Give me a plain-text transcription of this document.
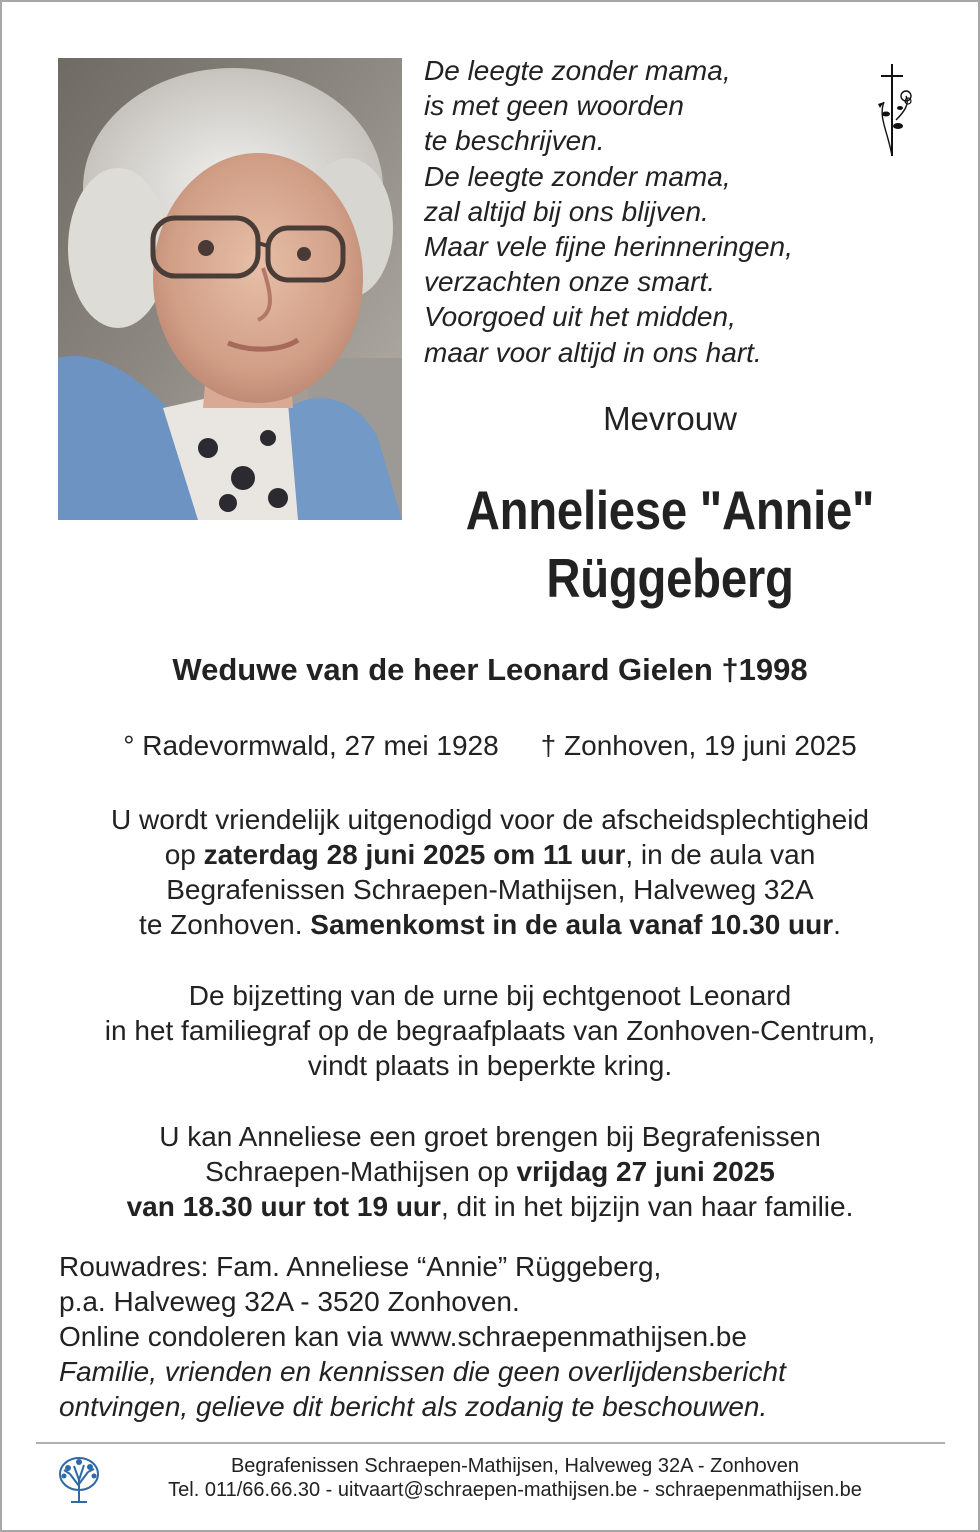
De leegte zonder mama,
is met geen woorden
te beschrijven.
De leegte zonder mama,
zal altijd bij ons blijven.
Maar vele fijne herinneringen,
verzachten onze smart.
Voorgoed uit het midden,
maar voor altijd in ons hart.
Mevrouw
Anneliese "Annie"
Rüggeberg
Weduwe van de heer Leonard Gielen †1998
° Radevormwald, 27 mei 1928 † Zonhoven, 19 juni 2025
U wordt vriendelijk uitgenodigd voor de afscheidsplechtigheid
op zaterdag 28 juni 2025 om 11 uur, in de aula van
Begrafenissen Schraepen-Mathijsen, Halveweg 32A
te Zonhoven. Samenkomst in de aula vanaf 10.30 uur.
De bijzetting van de urne bij echtgenoot Leonard
in het familiegraf op de begraafplaats van Zonhoven-Centrum,
vindt plaats in beperkte kring.
U kan Anneliese een groet brengen bij Begrafenissen
Schraepen-Mathijsen op vrijdag 27 juni 2025
van 18.30 uur tot 19 uur, dit in het bijzijn van haar familie.
Rouwadres: Fam. Anneliese “Annie” Rüggeberg,
p.a. Halveweg 32A - 3520 Zonhoven.
Online condoleren kan via www.schraepenmathijsen.be
Familie, vrienden en kennissen die geen overlijdensbericht
ontvingen, gelieve dit bericht als zodanig te beschouwen.
Begrafenissen Schraepen-Mathijsen, Halveweg 32A - Zonhoven
Tel. 011/66.66.30 - uitvaart@schraepen-mathijsen.be - schraepenmathijsen.be
